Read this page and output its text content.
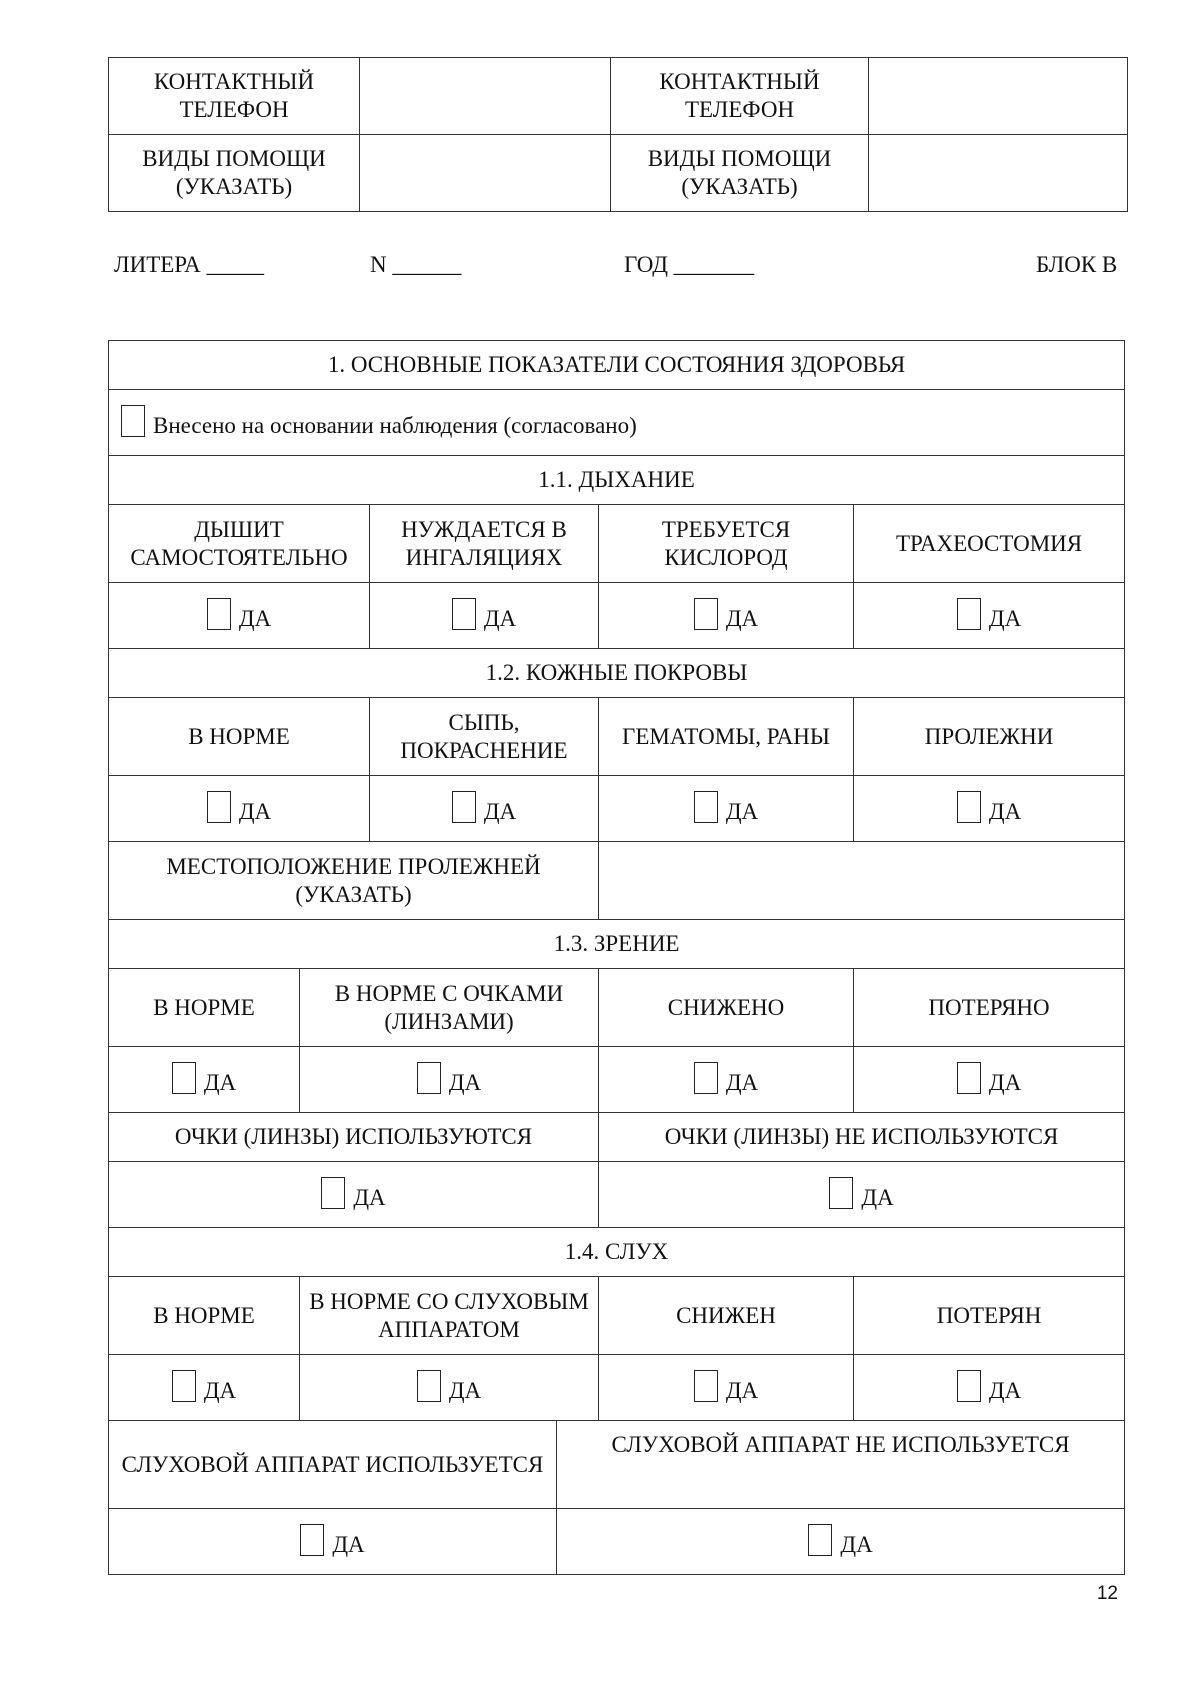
КОНТАКТНЫЙ ТЕЛЕФОН		КОНТАКТНЫЙ ТЕЛЕФОН	
ВИДЫ ПОМОЩИ (УКАЗАТЬ)		ВИДЫ ПОМОЩИ (УКАЗАТЬ)	
ЛИТЕРА _____	N ______	ГОД _______	БЛОК В
1. ОСНОВНЫЕ ПОКАЗАТЕЛИ СОСТОЯНИЯ ЗДОРОВЬЯ					
Внесено на основании наблюдения (согласовано)					
1.1. ДЫХАНИЕ					
ДЫШИТ САМОСТОЯТЕЛЬНО		НУЖДАЕТСЯ В ИНГАЛЯЦИЯХ		ТРЕБУЕТСЯ КИСЛОРОД	ТРАХЕОСТОМИЯ
ДА		ДА		ДА	ДА
1.2. КОЖНЫЕ ПОКРОВЫ					
В НОРМЕ		СЫПЬ, ПОКРАСНЕНИЕ		ГЕМАТОМЫ, РАНЫ	ПРОЛЕЖНИ
ДА		ДА		ДА	ДА
МЕСТОПОЛОЖЕНИЕ ПРОЛЕЖНЕЙ (УКАЗАТЬ)					
1.3. ЗРЕНИЕ					
В НОРМЕ	В НОРМЕ С ОЧКАМИ (ЛИНЗАМИ)			СНИЖЕНО	ПОТЕРЯНО
ДА	ДА			ДА	ДА
ОЧКИ (ЛИНЗЫ) ИСПОЛЬЗУЮТСЯ				ОЧКИ (ЛИНЗЫ) НЕ ИСПОЛЬЗУЮТСЯ	
ДА				ДА	
1.4. СЛУХ					
В НОРМЕ	В НОРМЕ СО СЛУХОВЫМ АППАРАТОМ			СНИЖЕН	ПОТЕРЯН
ДА	ДА			ДА	ДА
СЛУХОВОЙ АППАРАТ ИСПОЛЬЗУЕТСЯ			СЛУХОВОЙ АППАРАТ НЕ ИСПОЛЬЗУЕТСЯ		
ДА			ДА		
12
